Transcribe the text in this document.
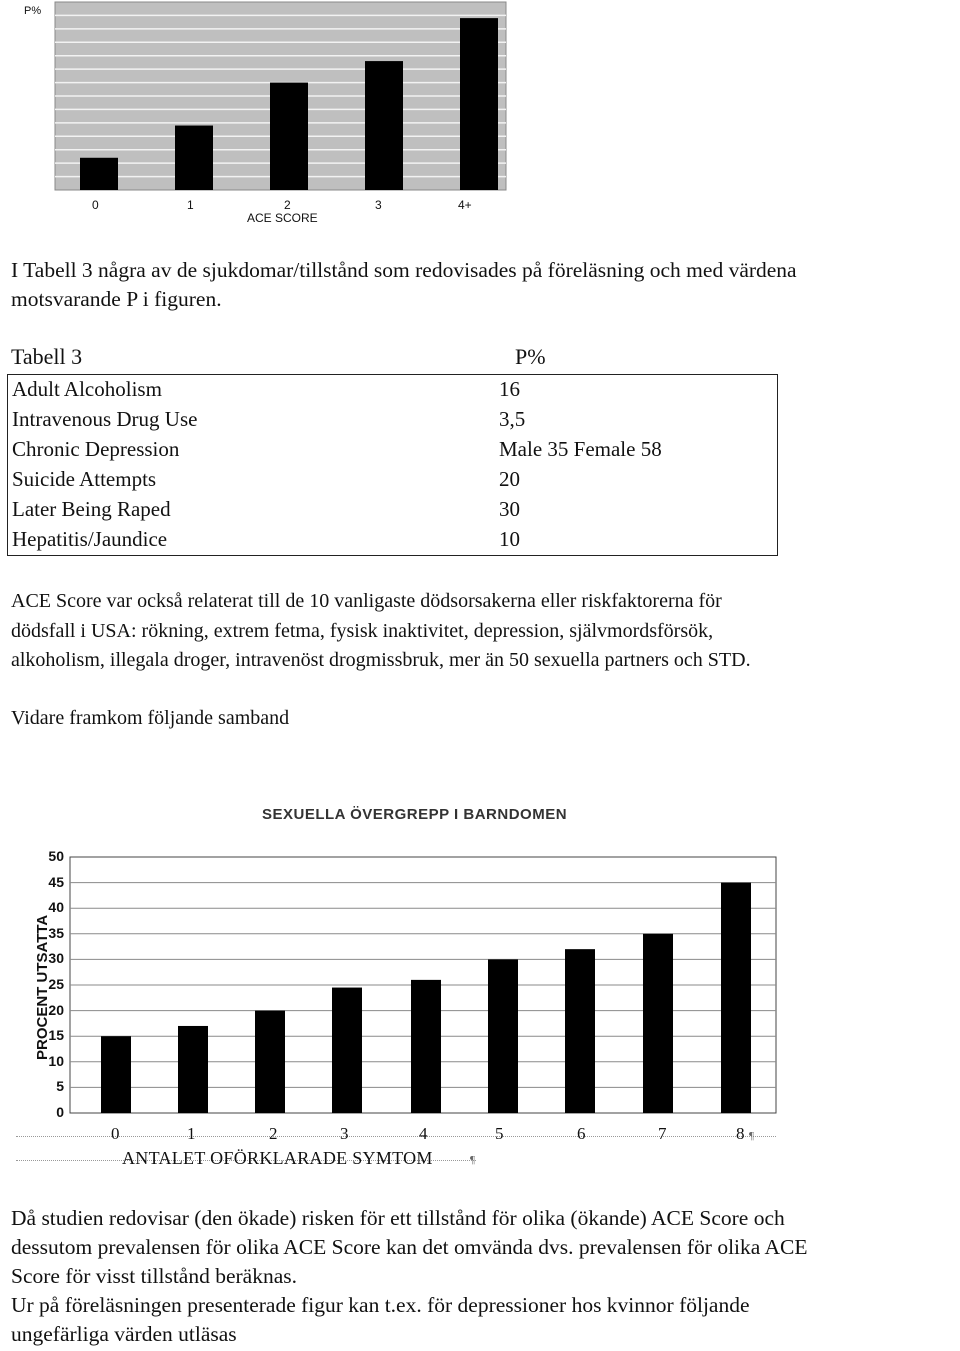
P%
0	1	2	3	4+
ACE SCORE
I Tabell 3 några av de sjukdomar/tillstånd som redovisades på föreläsning och med värdena
motsvarande P i figuren.
Tabell 3	P%
Adult Alcoholism	16
Intravenous Drug Use	3,5
Chronic Depression	Male 35 Female 58
Suicide Attempts	20
Later Being Raped	30
Hepatitis/Jaundice	10
ACE Score var också relaterat till de 10 vanligaste dödsorsakerna eller riskfaktorerna för
dödsfall i USA: rökning, extrem fetma, fysisk inaktivitet, depression, självmordsförsök,
alkoholism, illegala droger, intravenöst drogmissbruk, mer än 50 sexuella partners och STD.
Vidare framkom följande samband
SEXUELLA ÖVERGREPP I BARNDOMEN
PROCENT UTSATTA
0
5
10
15
20
25
30
35
40
45
50
0	1	2	3	4	5	6	7	8 ¶
ANTALET OFÖRKLARADE SYMTOM	¶
Då studien redovisar (den ökade) risken för ett tillstånd för olika (ökande) ACE Score och
dessutom prevalensen för olika ACE Score kan det omvända dvs. prevalensen för olika ACE
Score för visst tillstånd beräknas.
Ur på föreläsningen presenterade figur kan t.ex. för depressioner hos kvinnor följande
ungefärliga värden utläsas
